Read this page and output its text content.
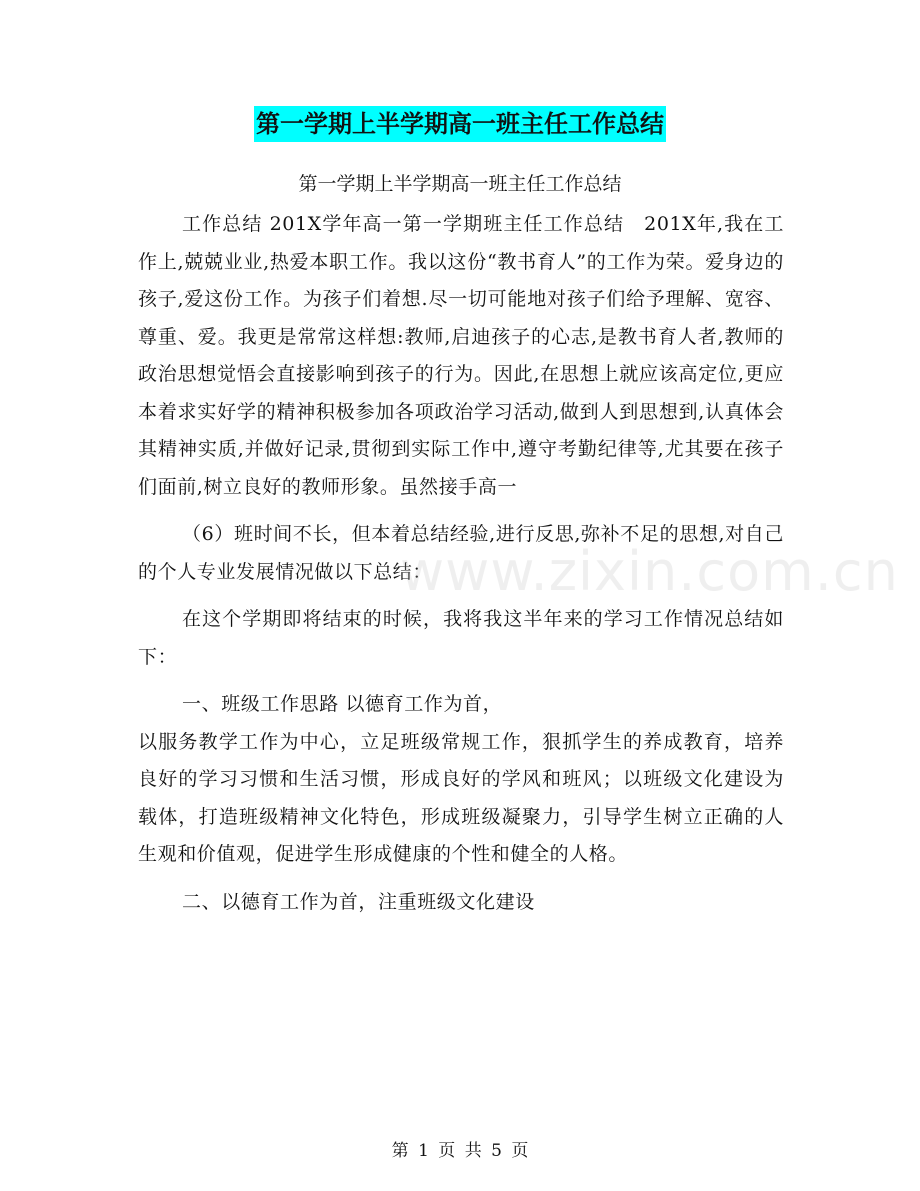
第一学期上半学期高一班主任工作总结
第一学期上半学期高一班主任工作总结

工作总结 201X学年高一第一学期班主任工作总结　201X年,我在工作上,兢兢业业,热爱本职工作。我以这份“教书育人”的工作为荣。爱身边的孩子,爱这份工作。为孩子们着想.尽一切可能地对孩子们给予理解、宽容、尊重、爱。我更是常常这样想:教师,启迪孩子的心志,是教书育人者,教师的政治思想觉悟会直接影响到孩子的行为。因此,在思想上就应该高定位,更应本着求实好学的精神积极参加各项政治学习活动,做到人到思想到,认真体会其精神实质,并做好记录,贯彻到实际工作中,遵守考勤纪律等,尤其要在孩子们面前,树立良好的教师形象。虽然接手高一

（6）班时间不长，但本着总结经验,进行反思,弥补不足的思想,对自己的个人专业发展情况做以下总结：

在这个学期即将结束的时候，我将我这半年来的学习工作情况总结如下：

一、班级工作思路 以德育工作为首，

以服务教学工作为中心，立足班级常规工作，狠抓学生的养成教育，培养良好的学习习惯和生活习惯，形成良好的学风和班风；以班级文化建设为载体，打造班级精神文化特色，形成班级凝聚力，引导学生树立正确的人生观和价值观，促进学生形成健康的个性和健全的人格。

二、以德育工作为首，注重班级文化建设

www.zixin.com.cn
第 1 页 共 5 页
